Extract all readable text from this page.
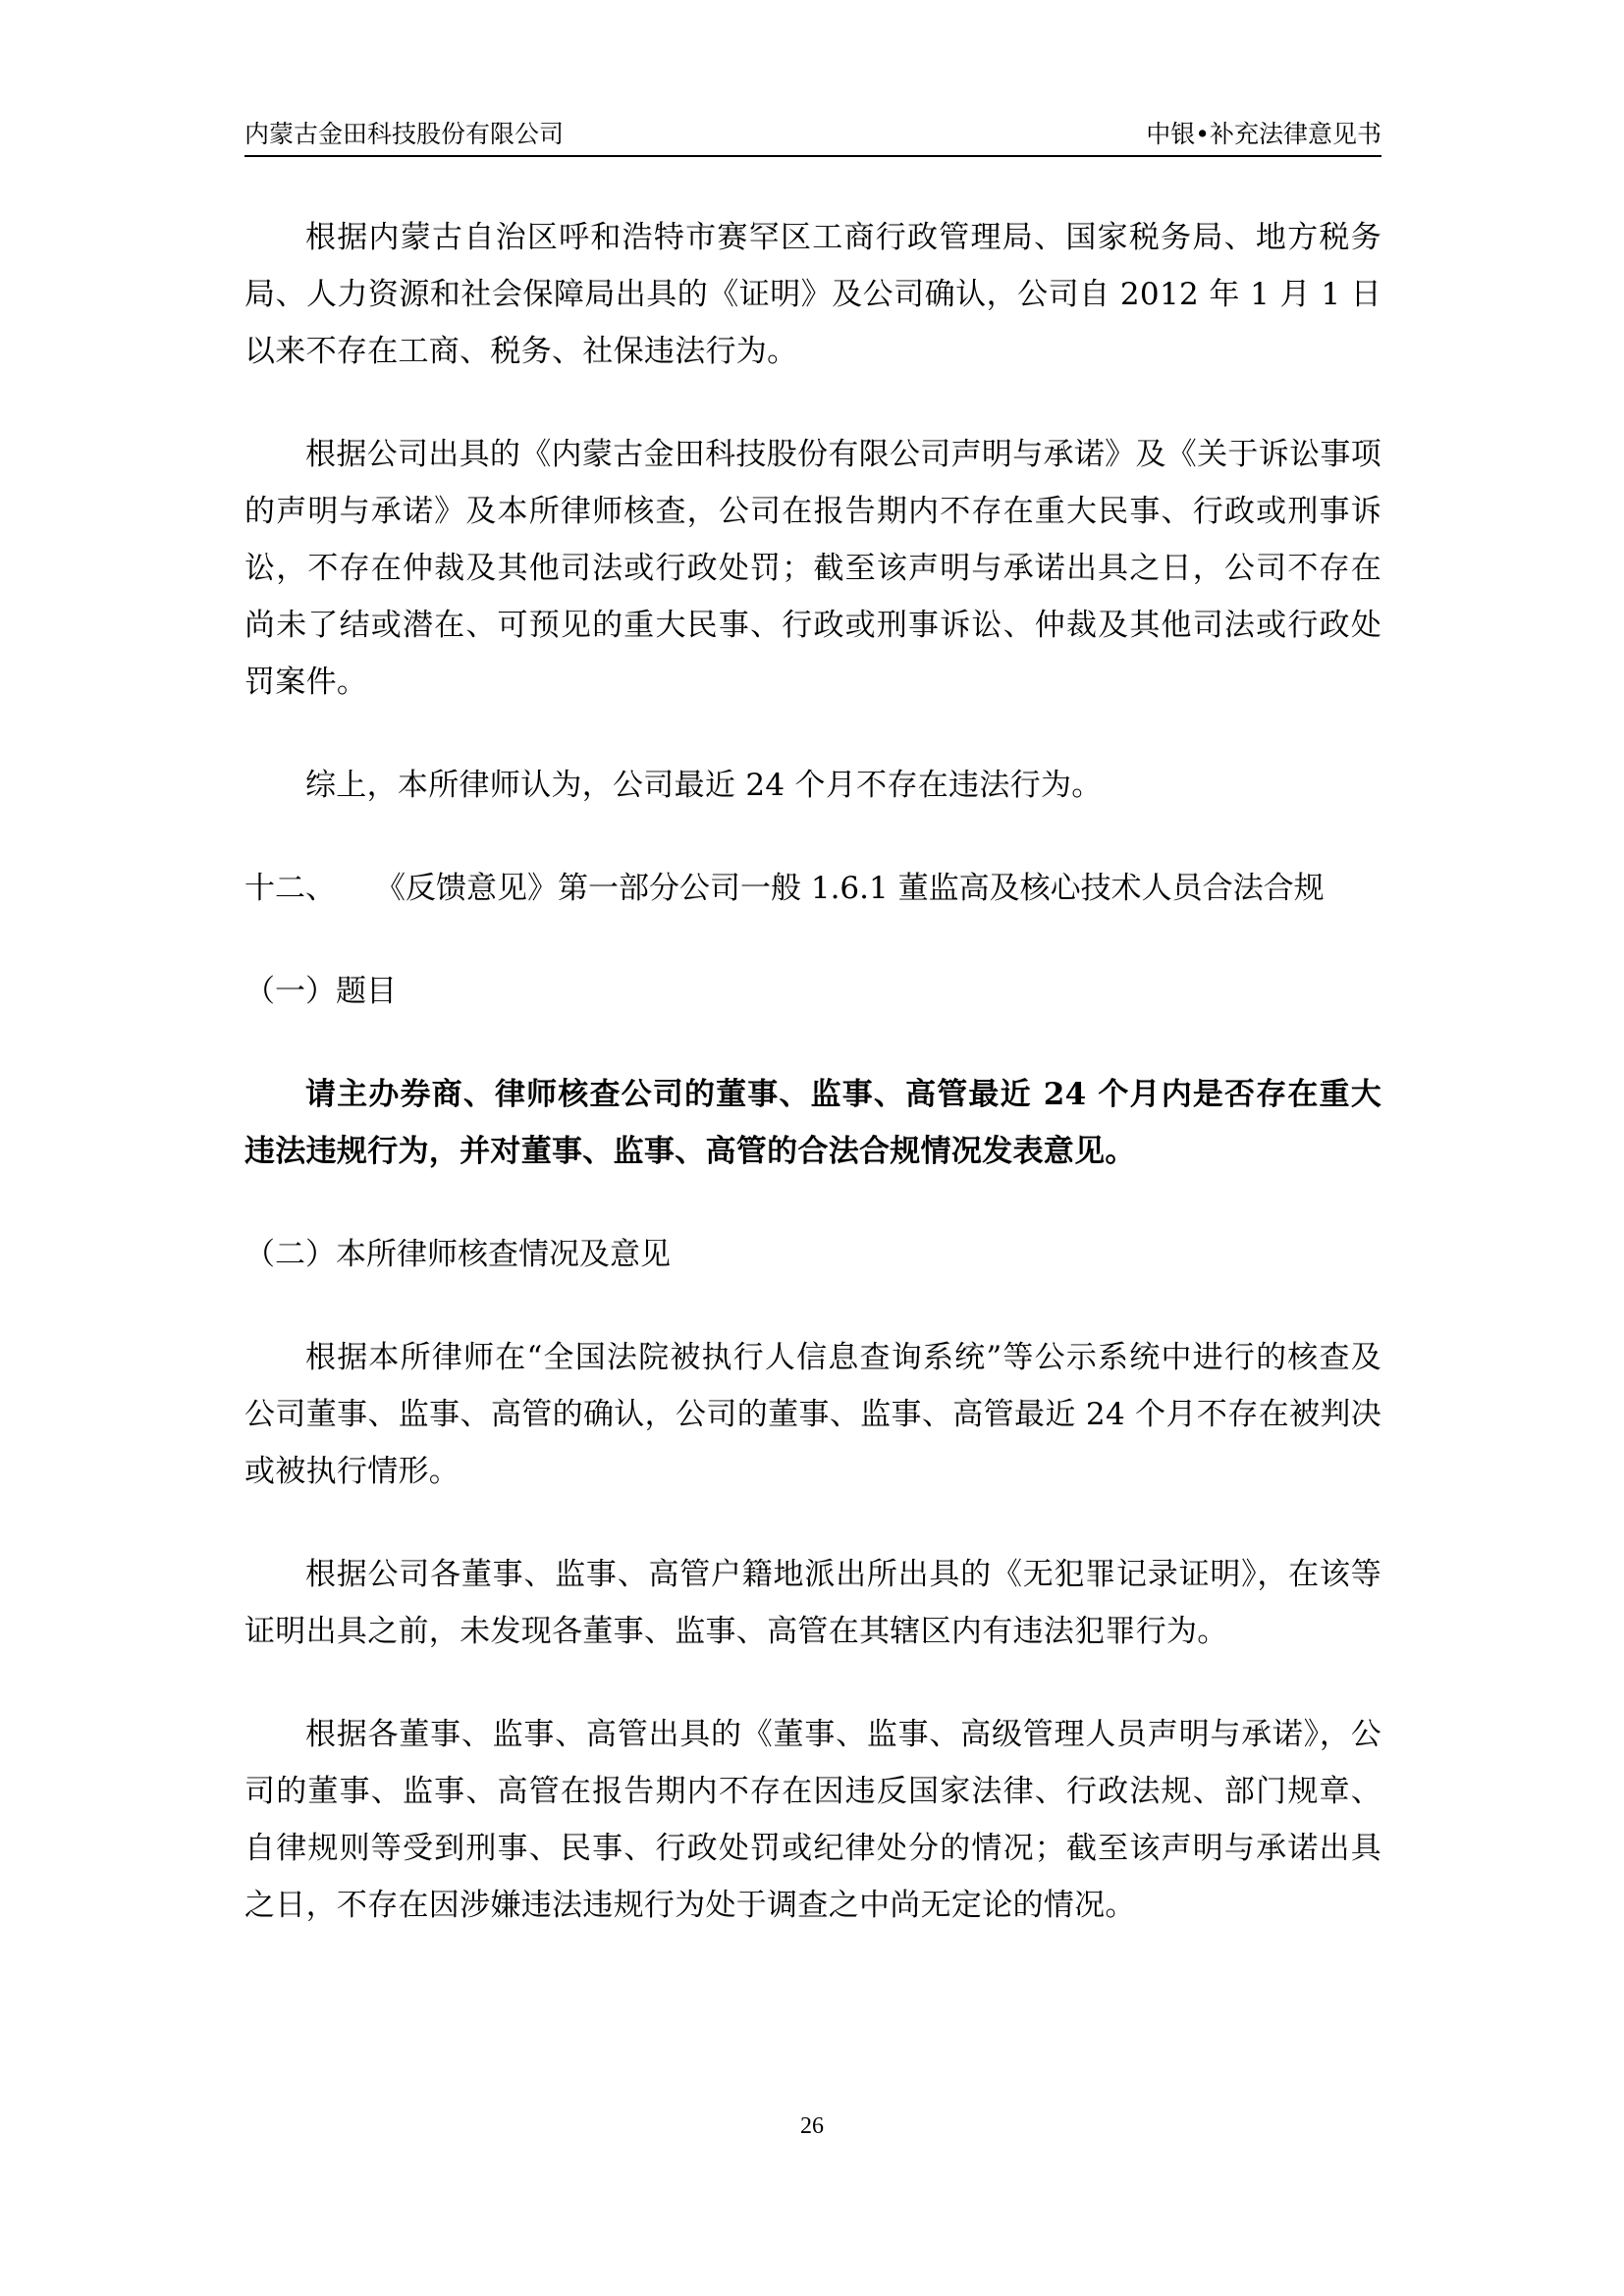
内蒙古金田科技股份有限公司	中银•补充法律意见书

根据内蒙古自治区呼和浩特市赛罕区工商行政管理局、国家税务局、地方税务局、人力资源和社会保障局出具的《证明》及公司确认，公司自 2012 年 1 月 1 日以来不存在工商、税务、社保违法行为。

根据公司出具的《内蒙古金田科技股份有限公司声明与承诺》及《关于诉讼事项的声明与承诺》及本所律师核查，公司在报告期内不存在重大民事、行政或刑事诉讼，不存在仲裁及其他司法或行政处罚；截至该声明与承诺出具之日，公司不存在尚未了结或潜在、可预见的重大民事、行政或刑事诉讼、仲裁及其他司法或行政处罚案件。

综上，本所律师认为，公司最近 24 个月不存在违法行为。

十二、 《反馈意见》第一部分公司一般 1.6.1 董监高及核心技术人员合法合规
（一）题目

请主办券商、律师核查公司的董事、监事、高管最近 24 个月内是否存在重大违法违规行为，并对董事、监事、高管的合法合规情况发表意见。

（二）本所律师核查情况及意见

根据本所律师在“全国法院被执行人信息查询系统”等公示系统中进行的核查及公司董事、监事、高管的确认，公司的董事、监事、高管最近 24 个月不存在被判决或被执行情形。

根据公司各董事、监事、高管户籍地派出所出具的《无犯罪记录证明》，在该等证明出具之前，未发现各董事、监事、高管在其辖区内有违法犯罪行为。

根据各董事、监事、高管出具的《董事、监事、高级管理人员声明与承诺》，公司的董事、监事、高管在报告期内不存在因违反国家法律、行政法规、部门规章、自律规则等受到刑事、民事、行政处罚或纪律处分的情况；截至该声明与承诺出具之日，不存在因涉嫌违法违规行为处于调查之中尚无定论的情况。

26
